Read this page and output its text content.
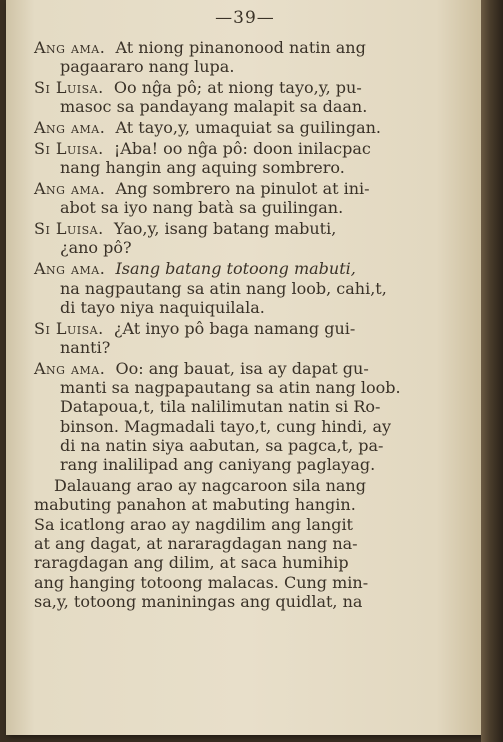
—39—
Ang ama. At niong pinanonood natin ang
pagaararo nang lupa.
Si Luisa. Oo nĝa pô; at niong tayo,y, pu-
masoc sa pandayang malapit sa daan.
Ang ama. At tayo,y, umaquiat sa guilingan.
Si Luisa. ¡Aba! oo nĝa pô: doon inilacpac
nang hangin ang aquing sombrero.
Ang ama. Ang sombrero na pinulot at ini-
abot sa iyo nang batà sa guilingan.
Si Luisa. Yao,y, isang batang mabuti,
¿ano pô?
Ang ama. Isang batang totoong mabuti,
na nagpautang sa atin nang loob, cahi,t,
di tayo niya naquiquilala.
Si Luisa. ¿At inyo pô baga namang gui-
nanti?
Ang ama. Oo: ang bauat, isa ay dapat gu-
manti sa nagpapautang sa atin nang loob.
Datapoua,t, tila nalilimutan natin si Ro-
binson. Magmadali tayo,t, cung hindi, ay
di na natin siya aabutan, sa pagca,t, pa-
rang inalilipad ang caniyang paglayag.
Dalauang arao ay nagcaroon sila nang
mabuting panahon at mabuting hangin.
Sa icatlong arao ay nagdilim ang langit
at ang dagat, at nararagdagan nang na-
raragdagan ang dilim, at saca humihip
ang hanging totoong malacas. Cung min-
sa,y, totoong maniningas ang quidlat, na
